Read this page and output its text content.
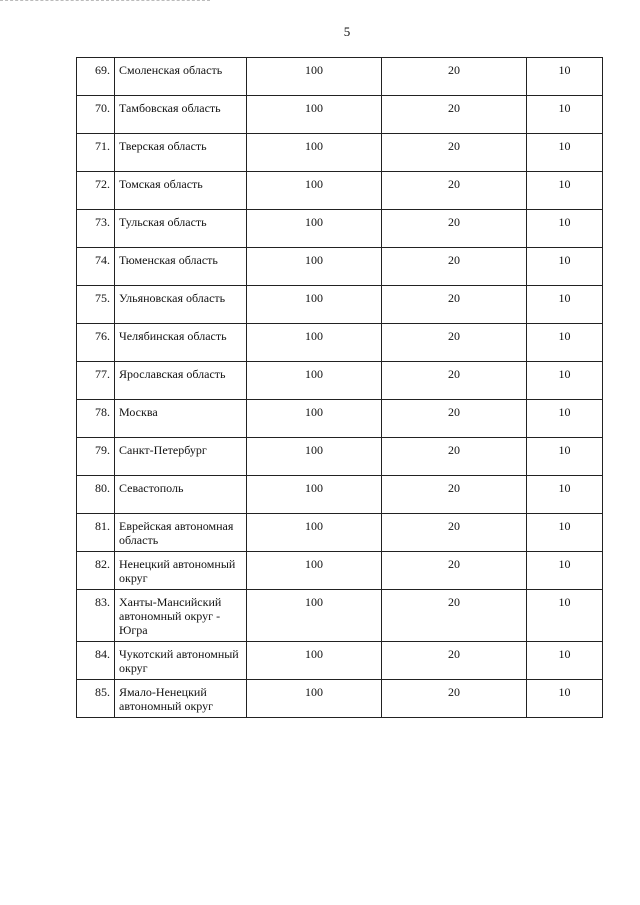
5
69.	Смоленская область	100	20	10
70.	Тамбовская область	100	20	10
71.	Тверская область	100	20	10
72.	Томская область	100	20	10
73.	Тульская область	100	20	10
74.	Тюменская область	100	20	10
75.	Ульяновская область	100	20	10
76.	Челябинская область	100	20	10
77.	Ярославская область	100	20	10
78.	Москва	100	20	10
79.	Санкт-Петербург	100	20	10
80.	Севастополь	100	20	10
81.	Еврейская автономная область	100	20	10
82.	Ненецкий автономный округ	100	20	10
83.	Ханты-Мансийский автономный округ - Югра	100	20	10
84.	Чукотский автономный округ	100	20	10
85.	Ямало-Ненецкий автономный округ	100	20	10
